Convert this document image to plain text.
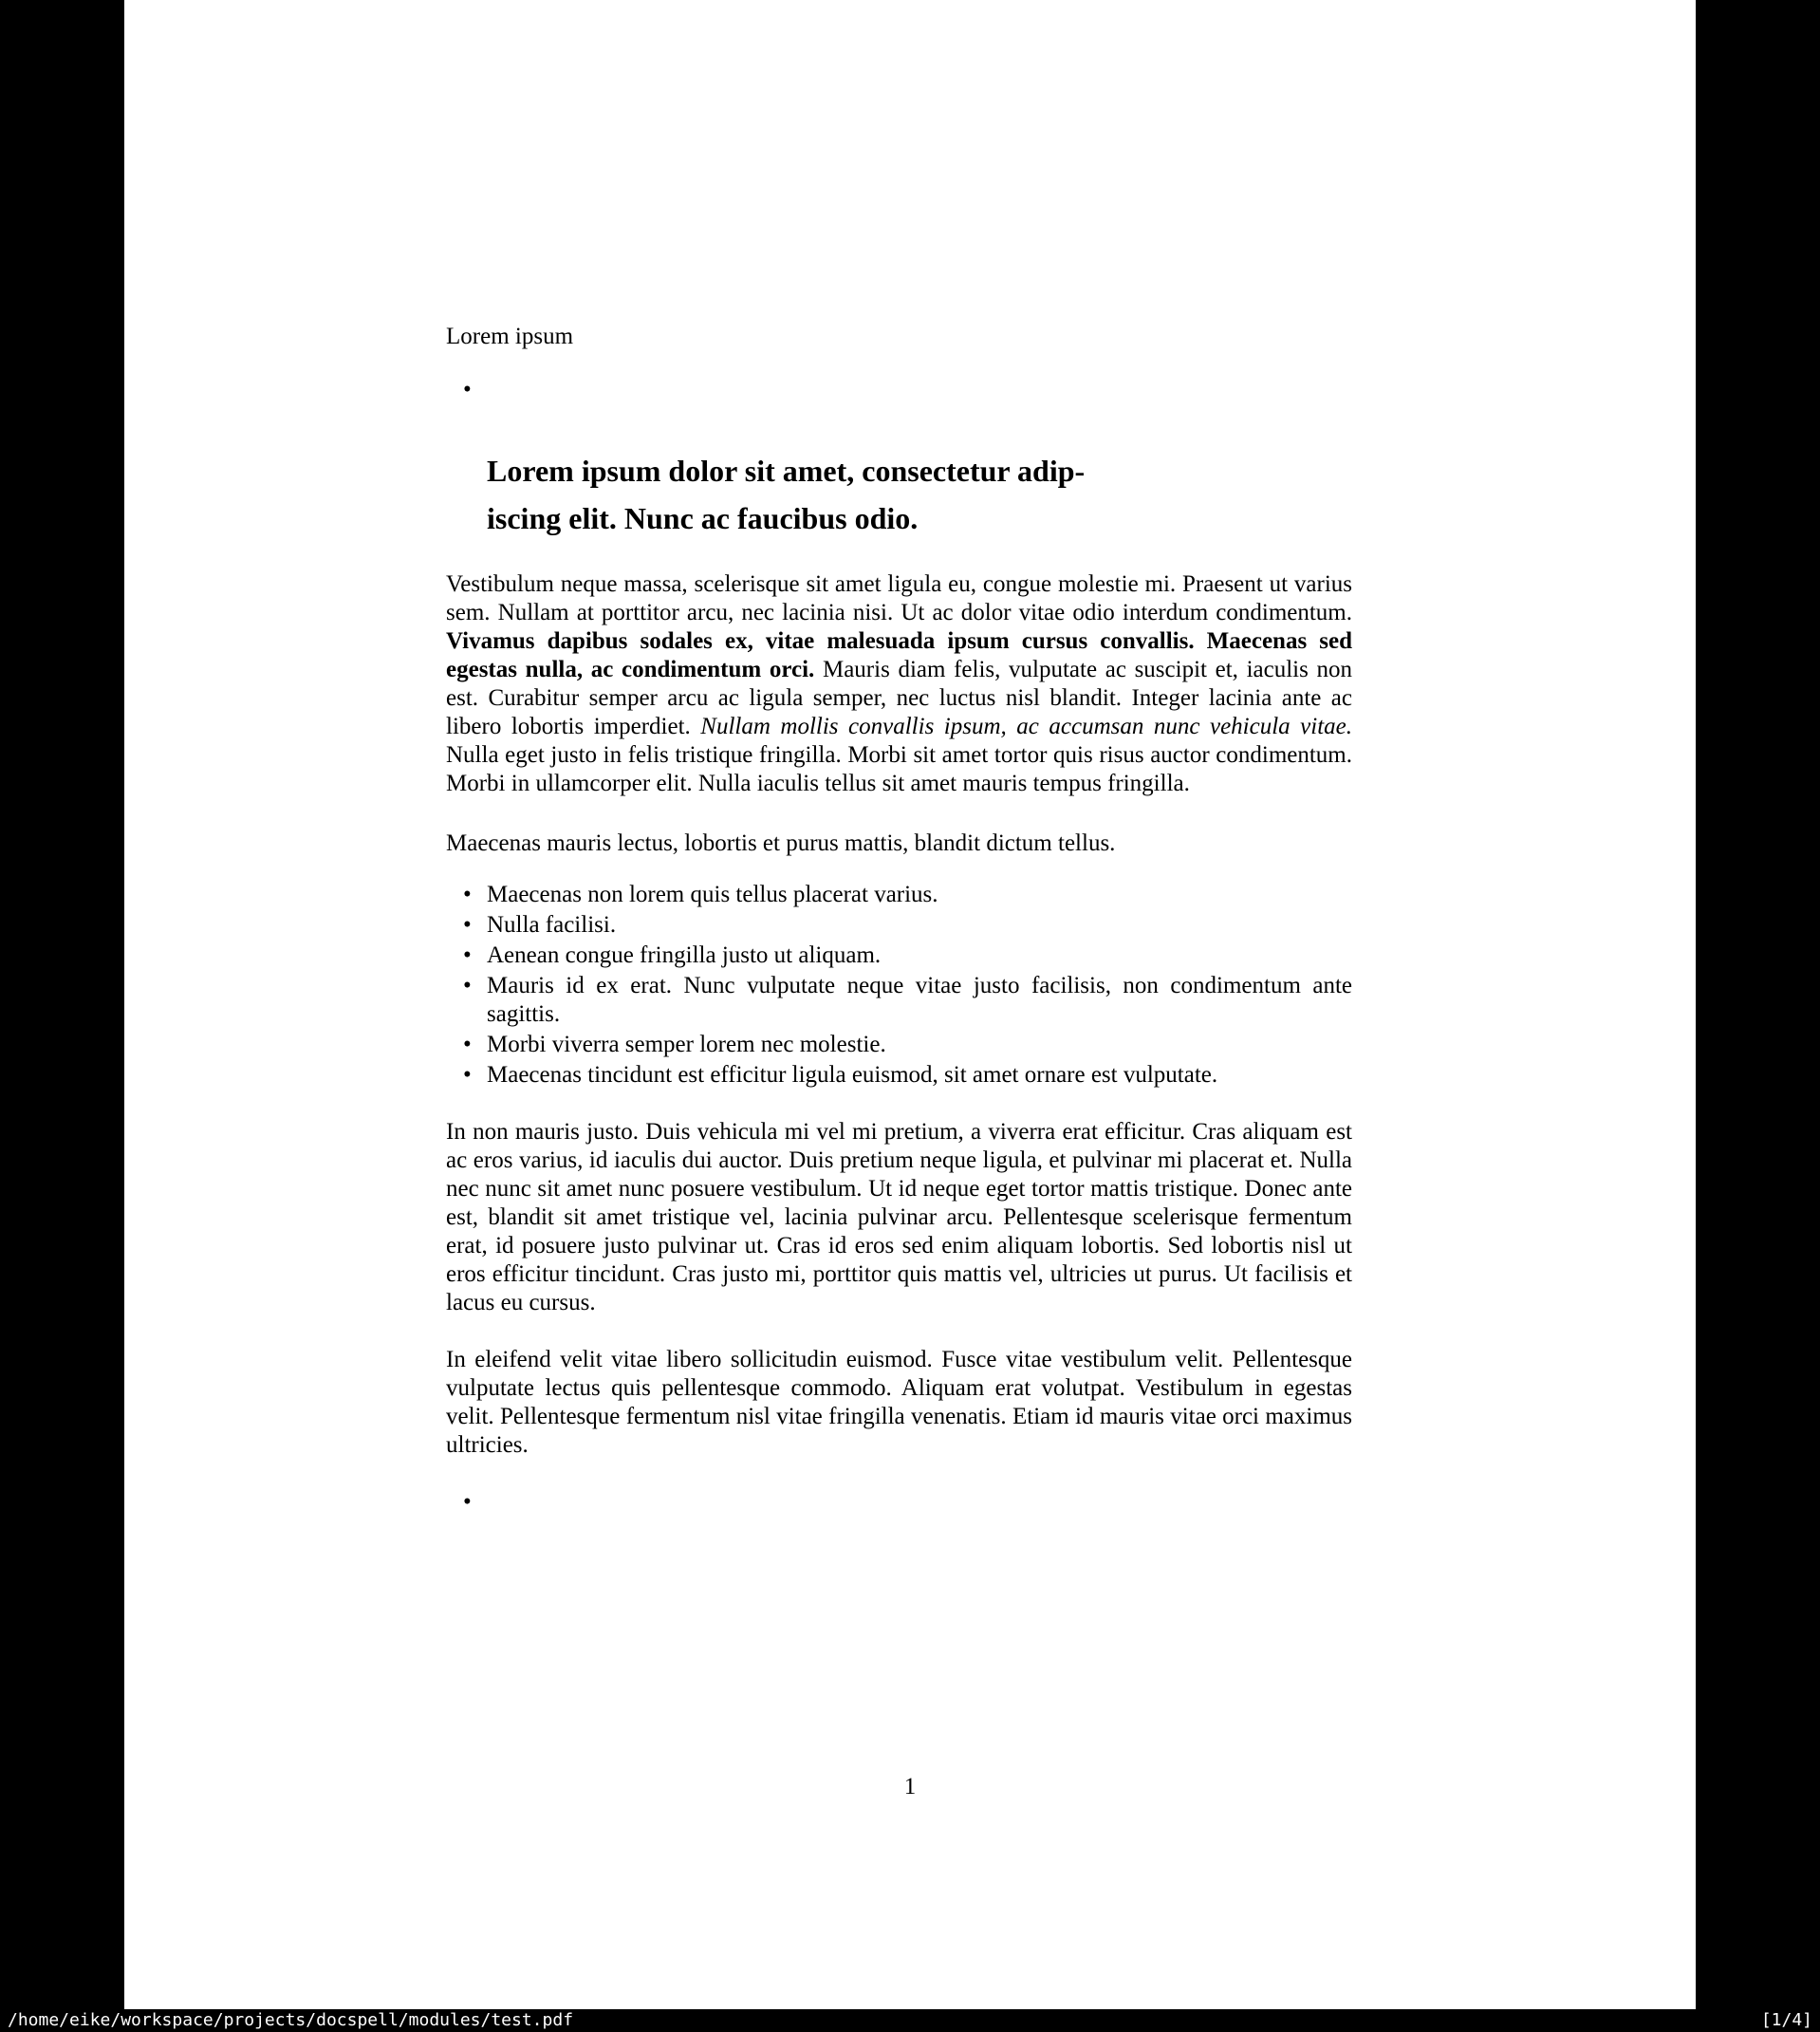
Lorem ipsum

•
Lorem ipsum dolor sit amet, consectetur adip-
iscing elit. Nunc ac faucibus odio.

Vestibulum neque massa, scelerisque sit amet ligula eu, congue molestie mi. Praesent ut varius sem. Nullam at porttitor arcu, nec lacinia nisi. Ut ac dolor vitae odio interdum condimentum. Vivamus dapibus sodales ex, vitae malesuada ipsum cursus convallis. Maecenas sed egestas nulla, ac condimentum orci. Mauris diam felis, vulputate ac suscipit et, iaculis non est. Curabitur semper arcu ac ligula semper, nec luctus nisl blandit. Integer lacinia ante ac libero lobortis imperdiet. Nullam mollis convallis ipsum, ac accumsan nunc vehicula vitae. Nulla eget justo in felis tristique fringilla. Morbi sit amet tortor quis risus auctor condimentum. Morbi in ullamcorper elit. Nulla iaculis tellus sit amet mauris tempus fringilla.

Maecenas mauris lectus, lobortis et purus mattis, blandit dictum tellus.

• Maecenas non lorem quis tellus placerat varius.
• Nulla facilisi.
• Aenean congue fringilla justo ut aliquam.
• Mauris id ex erat. Nunc vulputate neque vitae justo facilisis, non condimentum ante sagittis.
• Morbi viverra semper lorem nec molestie.
• Maecenas tincidunt est efficitur ligula euismod, sit amet ornare est vulputate.

In non mauris justo. Duis vehicula mi vel mi pretium, a viverra erat efficitur. Cras aliquam est ac eros varius, id iaculis dui auctor. Duis pretium neque ligula, et pulvinar mi placerat et. Nulla nec nunc sit amet nunc posuere vestibulum. Ut id neque eget tortor mattis tristique. Donec ante est, blandit sit amet tristique vel, lacinia pulvinar arcu. Pellentesque scelerisque fermentum erat, id posuere justo pulvinar ut. Cras id eros sed enim aliquam lobortis. Sed lobortis nisl ut eros efficitur tincidunt. Cras justo mi, porttitor quis mattis vel, ultricies ut purus. Ut facilisis et lacus eu cursus.

In eleifend velit vitae libero sollicitudin euismod. Fusce vitae vestibulum velit. Pellentesque vulputate lectus quis pellentesque commodo. Aliquam erat volutpat. Vestibulum in egestas velit. Pellentesque fermentum nisl vitae fringilla venenatis. Etiam id mauris vitae orci maximus ultricies.

•
1
/home/eike/workspace/projects/docspell/modules/test.pdf	[1/4]
